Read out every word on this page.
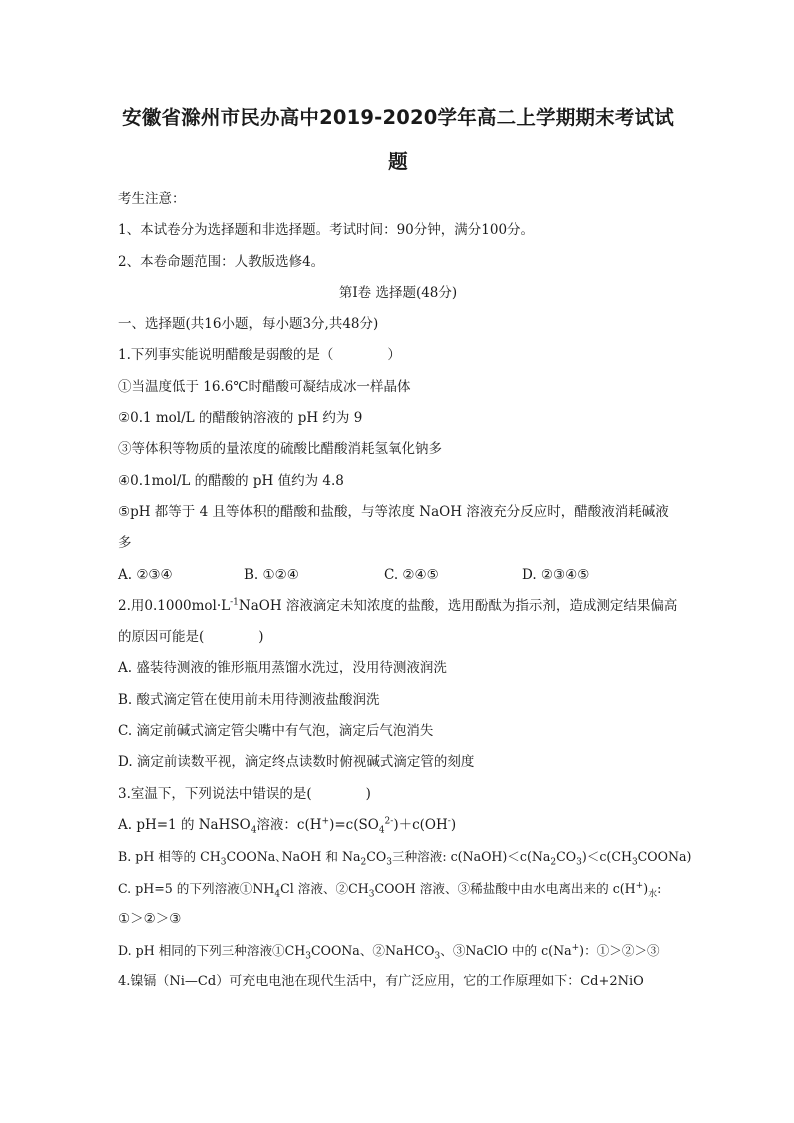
安徽省滁州市民办高中2019-2020学年高二上学期期末考试试题
考生注意：
1、本试卷分为选择题和非选择题。考试时间：90分钟，满分100分。
2、本卷命题范围：人教版选修4。
第Ⅰ卷 选择题(48分)
一、选择题(共16小题，每小题3分,共48分)
1.下列事实能说明醋酸是弱酸的是（　　　　）
①当温度低于 16.6℃时醋酸可凝结成冰一样晶体
②0.1 mol/L 的醋酸钠溶液的 pH 约为 9
③等体积等物质的量浓度的硫酸比醋酸消耗氢氧化钠多
④0.1mol/L 的醋酸的 pH 值约为 4.8
⑤pH 都等于 4 且等体积的醋酸和盐酸，与等浓度 NaOH 溶液充分反应时，醋酸液消耗碱液多
A. ②③④	B. ①②④	C. ②④⑤	D. ②③④⑤
2.用$0.1000mol\cdot L^{-1}NaOH$ 溶液滴定未知浓度的盐酸，选用酚酞为指示剂，造成测定结果偏高的原因可能是(　　　　)
A. 盛装待测液的锥形瓶用蒸馏水洗过，没用待测液润洗
B. 酸式滴定管在使用前未用待测液盐酸润洗
C. 滴定前碱式滴定管尖嘴中有气泡，滴定后气泡消失
D. 滴定前读数平视，滴定终点读数时俯视碱式滴定管的刻度
3.室温下，下列说法中错误的是(　　　　)
A. pH=1 的 NaHSO$_4$溶液：$c(H^+)=c(SO_4^{2-})+c(OH^-)$
B. pH 相等的 $CH_3COONa$､NaOH 和 $Na_2CO_3$三种溶液: $c(NaOH)<c(Na_2CO_3)<c(CH_3COONa)$
C. pH=5 的下列溶液$①NH_4Cl$ 溶液、$②CH_3COOH$ 溶液、③稀盐酸中由水电离出来的 $c(H^+)_水$:
①＞②＞③
D. pH 相同的下列三种溶液$①CH_3COONa$、②NaHCO$_3$、③NaClO 中的 c(Na+)：①＞②＞③
4.镍镉（Ni—Cd）可充电电池在现代生活中，有广泛应用，它的工作原理如下：Cd+2NiO
